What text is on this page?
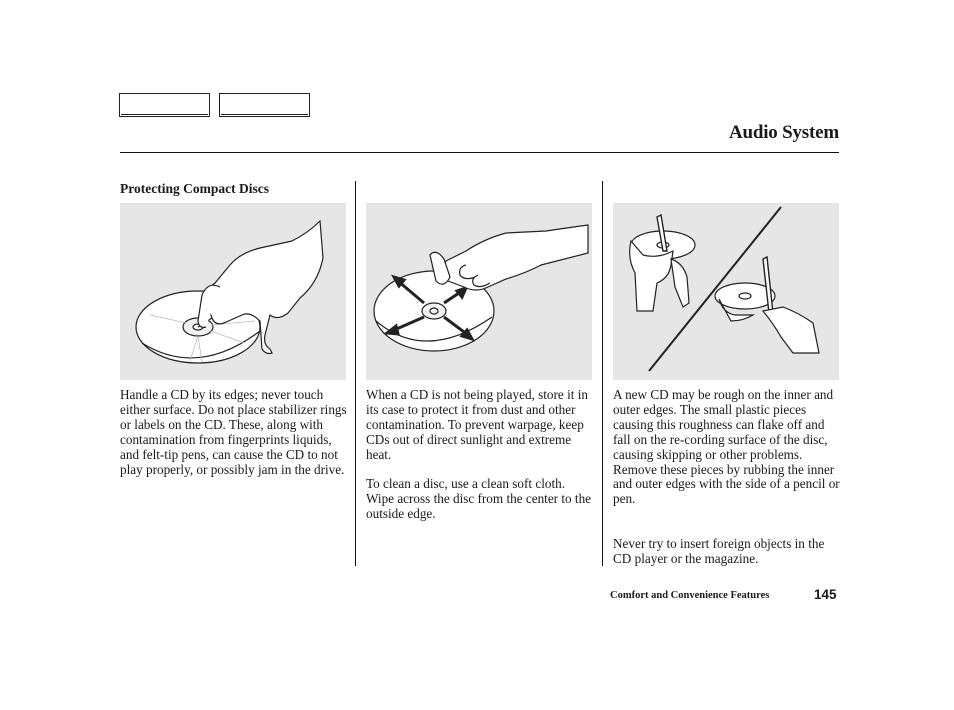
Audio System
Protecting Compact Discs

Handle a CD by its edges; never touch either surface. Do not place stabilizer rings or labels on the CD. These, along with contamination from fingerprints liquids, and felt-tip pens, can cause the CD to not play properly, or possibly jam in the drive.

When a CD is not being played, store it in its case to protect it from dust and other contamination. To prevent warpage, keep CDs out of direct sunlight and extreme heat.

To clean a disc, use a clean soft cloth. Wipe across the disc from the center to the outside edge.

A new CD may be rough on the inner and outer edges. The small plastic pieces causing this roughness can flake off and fall on the re-cording surface of the disc, causing skipping or other problems. Remove these pieces by rubbing the inner and outer edges with the side of a pencil or pen.

Never try to insert foreign objects in the CD player or the magazine.

Comfort and Convenience Features	145
